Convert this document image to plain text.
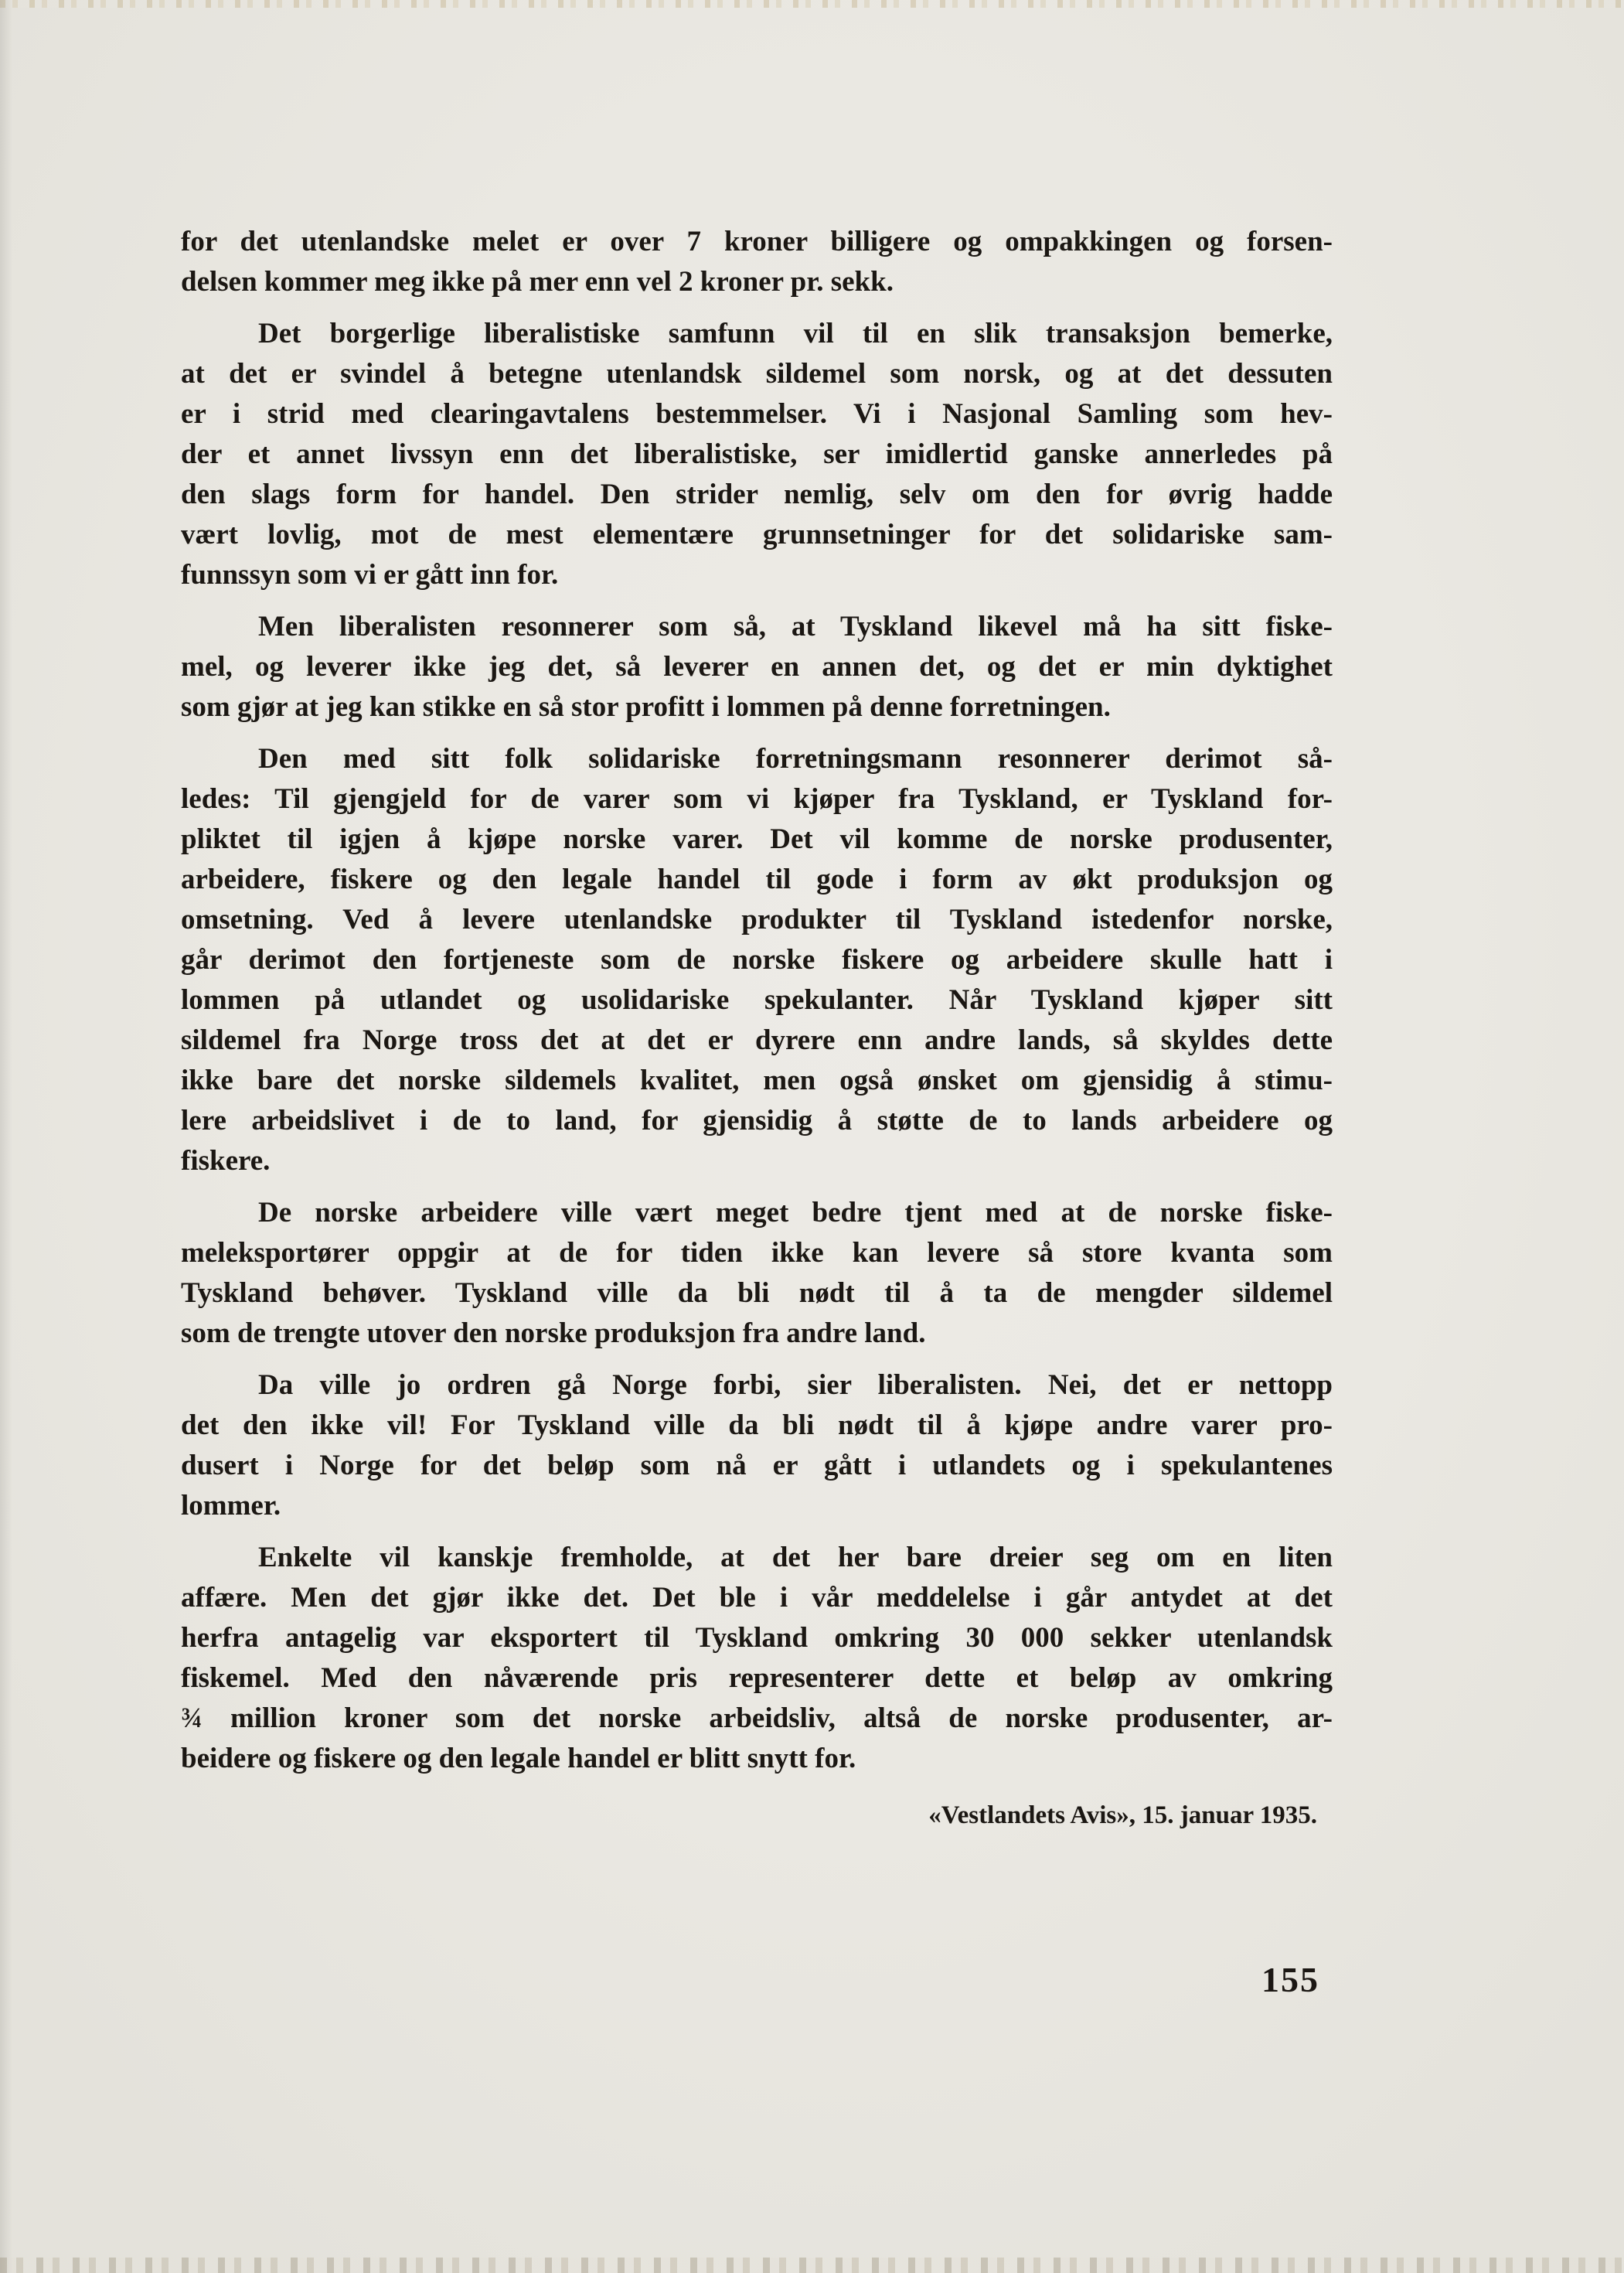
for det utenlandske melet er over 7 kroner billigere og ompakkingen og forsen-
delsen kommer meg ikke på mer enn vel 2 kroner pr. sekk.
Det borgerlige liberalistiske samfunn vil til en slik transaksjon bemerke,
at det er svindel å betegne utenlandsk sildemel som norsk, og at det dessuten
er i strid med clearingavtalens bestemmelser. Vi i Nasjonal Samling som hev-
der et annet livssyn enn det liberalistiske, ser imidlertid ganske annerledes på
den slags form for handel. Den strider nemlig, selv om den for øvrig hadde
vært lovlig, mot de mest elementære grunnsetninger for det solidariske sam-
funnssyn som vi er gått inn for.
Men liberalisten resonnerer som så, at Tyskland likevel må ha sitt fiske-
mel, og leverer ikke jeg det, så leverer en annen det, og det er min dyktighet
som gjør at jeg kan stikke en så stor profitt i lommen på denne forretningen.
Den med sitt folk solidariske forretningsmann resonnerer derimot så-
ledes: Til gjengjeld for de varer som vi kjøper fra Tyskland, er Tyskland for-
pliktet til igjen å kjøpe norske varer. Det vil komme de norske produsenter,
arbeidere, fiskere og den legale handel til gode i form av økt produksjon og
omsetning. Ved å levere utenlandske produkter til Tyskland istedenfor norske,
går derimot den fortjeneste som de norske fiskere og arbeidere skulle hatt i
lommen på utlandet og usolidariske spekulanter. Når Tyskland kjøper sitt
sildemel fra Norge tross det at det er dyrere enn andre lands, så skyldes dette
ikke bare det norske sildemels kvalitet, men også ønsket om gjensidig å stimu-
lere arbeidslivet i de to land, for gjensidig å støtte de to lands arbeidere og
fiskere.
De norske arbeidere ville vært meget bedre tjent med at de norske fiske-
meleksportører oppgir at de for tiden ikke kan levere så store kvanta som
Tyskland behøver. Tyskland ville da bli nødt til å ta de mengder sildemel
som de trengte utover den norske produksjon fra andre land.
Da ville jo ordren gå Norge forbi, sier liberalisten. Nei, det er nettopp
det den ikke vil! For Tyskland ville da bli nødt til å kjøpe andre varer pro-
dusert i Norge for det beløp som nå er gått i utlandets og i spekulantenes
lommer.
Enkelte vil kanskje fremholde, at det her bare dreier seg om en liten
affære. Men det gjør ikke det. Det ble i vår meddelelse i går antydet at det
herfra antagelig var eksportert til Tyskland omkring 30 000 sekker utenlandsk
fiskemel. Med den nåværende pris representerer dette et beløp av omkring
¾ million kroner som det norske arbeidsliv, altså de norske produsenter, ar-
beidere og fiskere og den legale handel er blitt snytt for.
«Vestlandets Avis», 15. januar 1935.
155
